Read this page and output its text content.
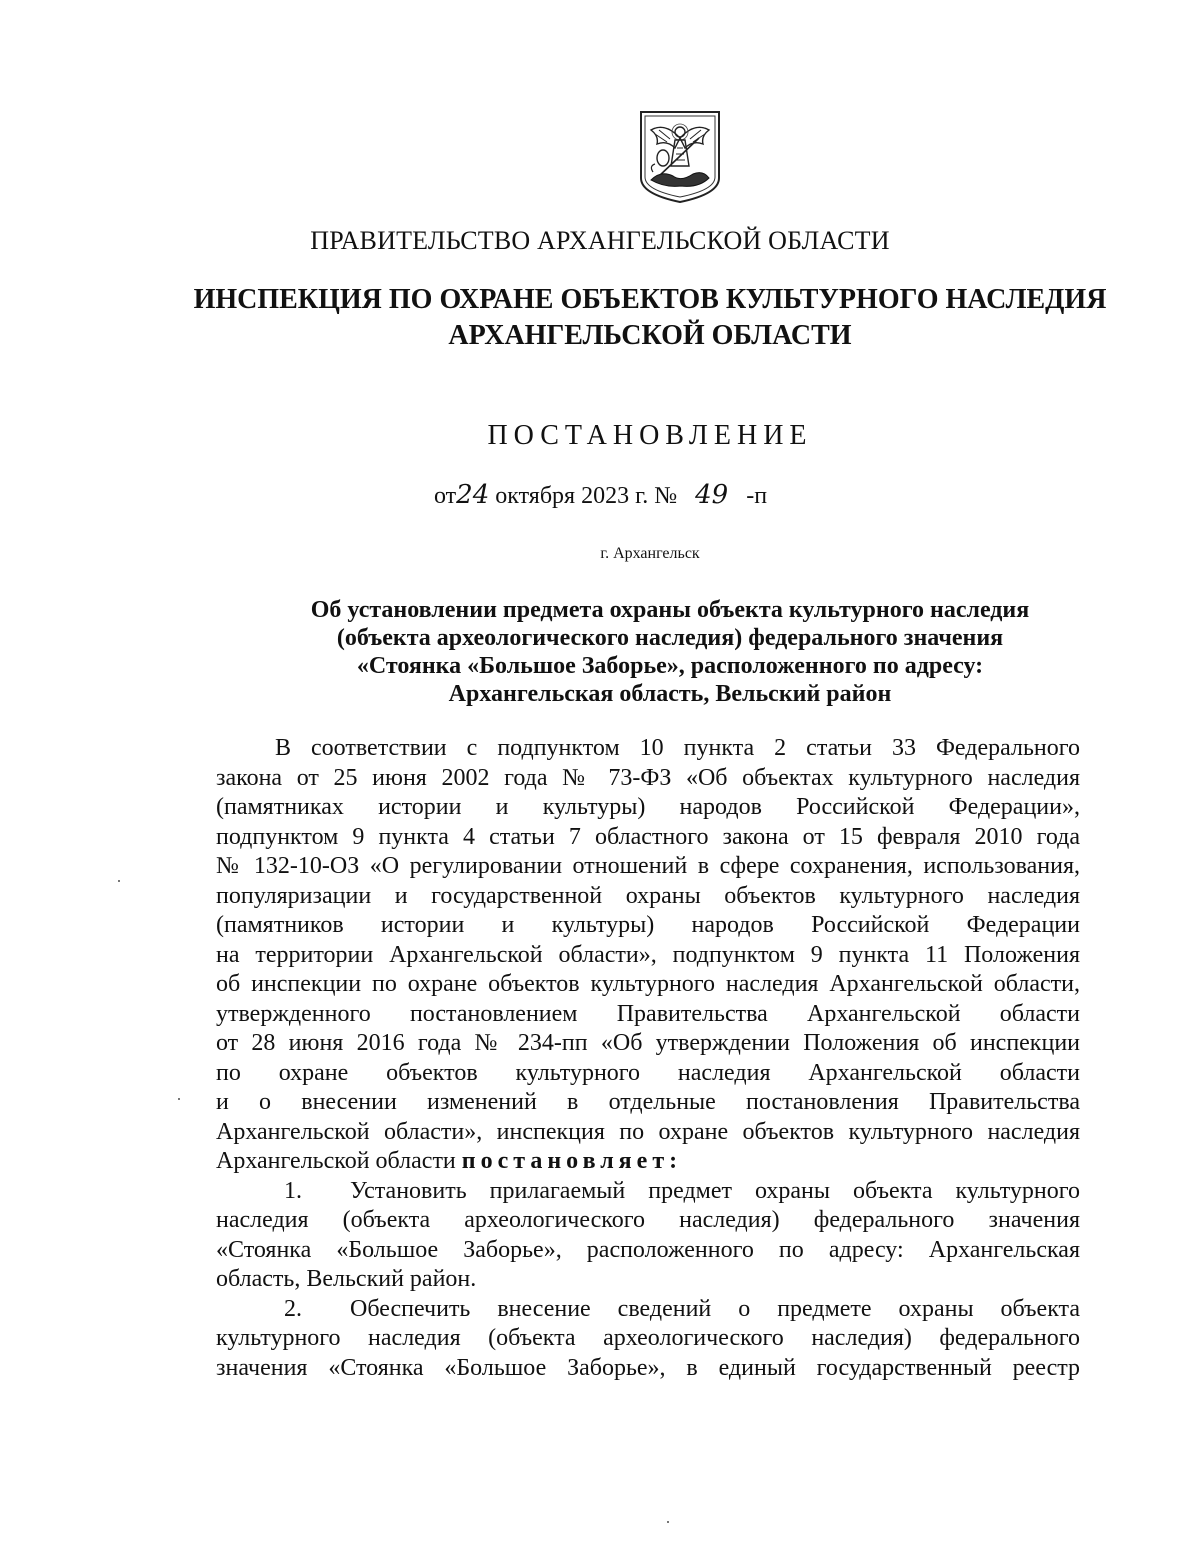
ПРАВИТЕЛЬСТВО АРХАНГЕЛЬСКОЙ ОБЛАСТИ
ИНСПЕКЦИЯ ПО ОХРАНЕ ОБЪЕКТОВ КУЛЬТУРНОГО НАСЛЕДИЯ
АРХАНГЕЛЬСКОЙ ОБЛАСТИ
ПОСТАНОВЛЕНИЕ
от24 октября 2023 г. № 49 -п
г. Архангельск
Об установлении предмета охраны объекта культурного наследия
(объекта археологического наследия) федерального значения
«Стоянка «Большое Заборье», расположенного по адресу:
Архангельская область, Вельский район
В соответствии с подпунктом 10 пункта 2 статьи 33 Федерального
закона от 25 июня 2002 года № 73-ФЗ «Об объектах культурного наследия
(памятниках истории и культуры) народов Российской Федерации»,
подпунктом 9 пункта 4 статьи 7 областного закона от 15 февраля 2010 года
№ 132-10-ОЗ «О регулировании отношений в сфере сохранения, использования,
популяризации и государственной охраны объектов культурного наследия
(памятников истории и культуры) народов Российской Федерации
на территории Архангельской области», подпунктом 9 пункта 11 Положения
об инспекции по охране объектов культурного наследия Архангельской области,
утвержденного постановлением Правительства Архангельской области
от 28 июня 2016 года № 234-пп «Об утверждении Положения об инспекции
по охране объектов культурного наследия Архангельской области
и о внесении изменений в отдельные постановления Правительства
Архангельской области», инспекция по охране объектов культурного наследия
Архангельской области постановляет:
1.	Установить прилагаемый предмет охраны объекта культурного
наследия (объекта археологического наследия) федерального значения
«Стоянка «Большое Заборье», расположенного по адресу: Архангельская
область, Вельский район.
2.	Обеспечить внесение сведений о предмете охраны объекта
культурного наследия (объекта археологического наследия) федерального
значения «Стоянка «Большое Заборье», в единый государственный реестр
